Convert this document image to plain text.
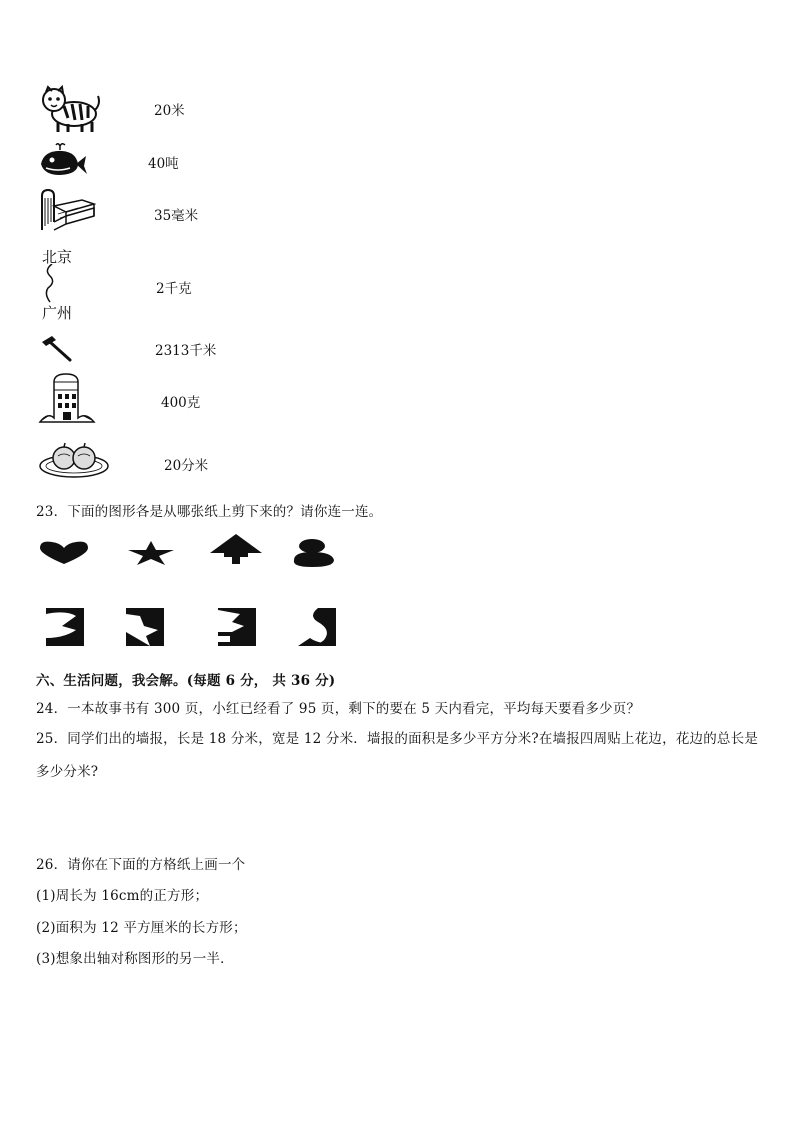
20米
40吨
35毫米
北京
广州
2千克
2313千米
400克
20分米
23．下面的图形各是从哪张纸上剪下来的？请你连一连。
六、生活问题，我会解。(每题 6 分， 共 36 分)
24．一本故事书有 300 页，小红已经看了 95 页，剩下的要在 5 天内看完，平均每天要看多少页？
25．同学们出的墙报，长是 18 分米，宽是 12 分米．墙报的面积是多少平方分米?在墙报四周贴上花边，花边的总长是
多少分米?
26．请你在下面的方格纸上画一个
(1)周长为 16cm的正方形；
(2)面积为 12 平方厘米的长方形；
(3)想象出轴对称图形的另一半．
